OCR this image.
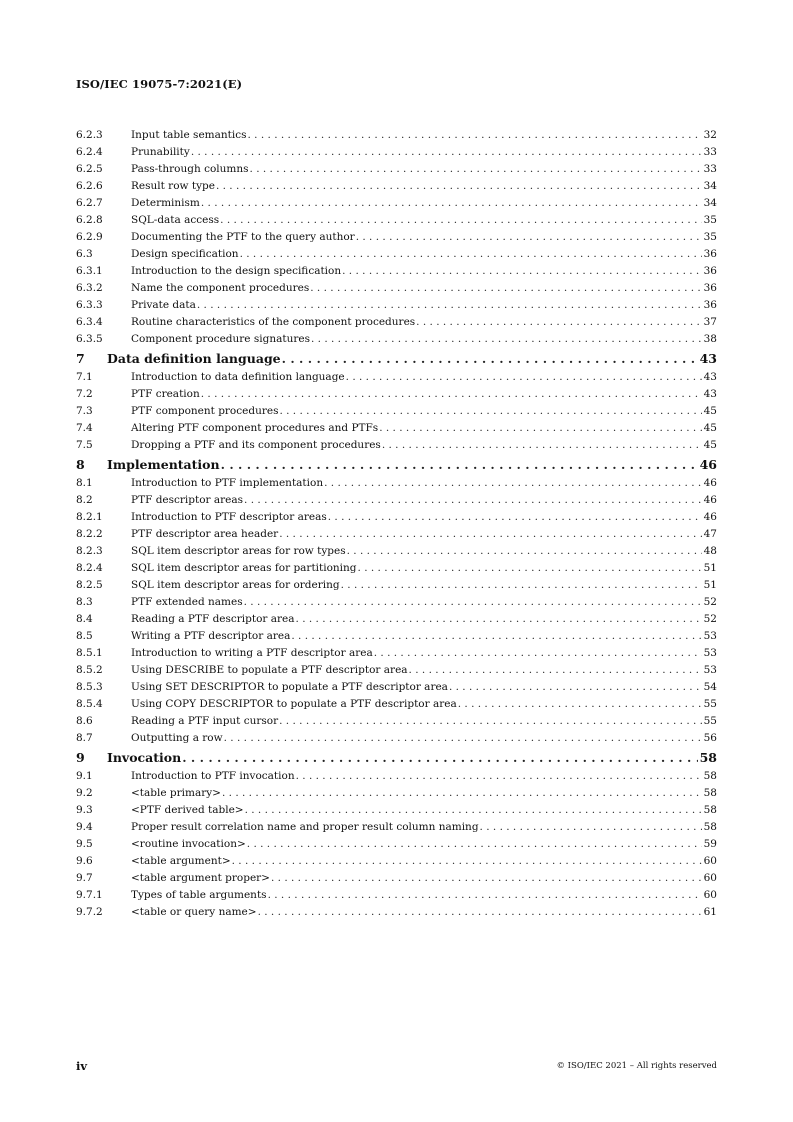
ISO/IEC 19075-7:2021(E)
6.2.3	Input table semantics . . .	32
6.2.4	Prunability . . .	33
6.2.5	Pass-through columns . . .	33
6.2.6	Result row type . . .	34
6.2.7	Determinism . . .	34
6.2.8	SQL-data access . . .	35
6.2.9	Documenting the PTF to the query author . . .	35
6.3	Design specification . . .	36
6.3.1	Introduction to the design specification . . .	36
6.3.2	Name the component procedures . . .	36
6.3.3	Private data . . .	36
6.3.4	Routine characteristics of the component procedures . . .	37
6.3.5	Component procedure signatures . . .	38
7	Data definition language . . .	43
7.1	Introduction to data definition language . . .	43
7.2	PTF creation . . .	43
7.3	PTF component procedures . . .	45
7.4	Altering PTF component procedures and PTFs . . .	45
7.5	Dropping a PTF and its component procedures . . .	45
8	Implementation . . .	46
8.1	Introduction to PTF implementation . . .	46
8.2	PTF descriptor areas . . .	46
8.2.1	Introduction to PTF descriptor areas . . .	46
8.2.2	PTF descriptor area header . . .	47
8.2.3	SQL item descriptor areas for row types . . .	48
8.2.4	SQL item descriptor areas for partitioning . . .	51
8.2.5	SQL item descriptor areas for ordering . . .	51
8.3	PTF extended names . . .	52
8.4	Reading a PTF descriptor area . . .	52
8.5	Writing a PTF descriptor area . . .	53
8.5.1	Introduction to writing a PTF descriptor area . . .	53
8.5.2	Using DESCRIBE to populate a PTF descriptor area . . .	53
8.5.3	Using SET DESCRIPTOR to populate a PTF descriptor area . . .	54
8.5.4	Using COPY DESCRIPTOR to populate a PTF descriptor area . . .	55
8.6	Reading a PTF input cursor . . .	55
8.7	Outputting a row . . .	56
9	Invocation . . .	58
9.1	Introduction to PTF invocation . . .	58
9.2	<table primary> . . .	58
9.3	<PTF derived table> . . .	58
9.4	Proper result correlation name and proper result column naming . . .	58
9.5	<routine invocation> . . .	59
9.6	<table argument> . . .	60
9.7	<table argument proper> . . .	60
9.7.1	Types of table arguments . . .	60
9.7.2	<table or query name> . . .	61
iv	© ISO/IEC 2021 – All rights reserved
